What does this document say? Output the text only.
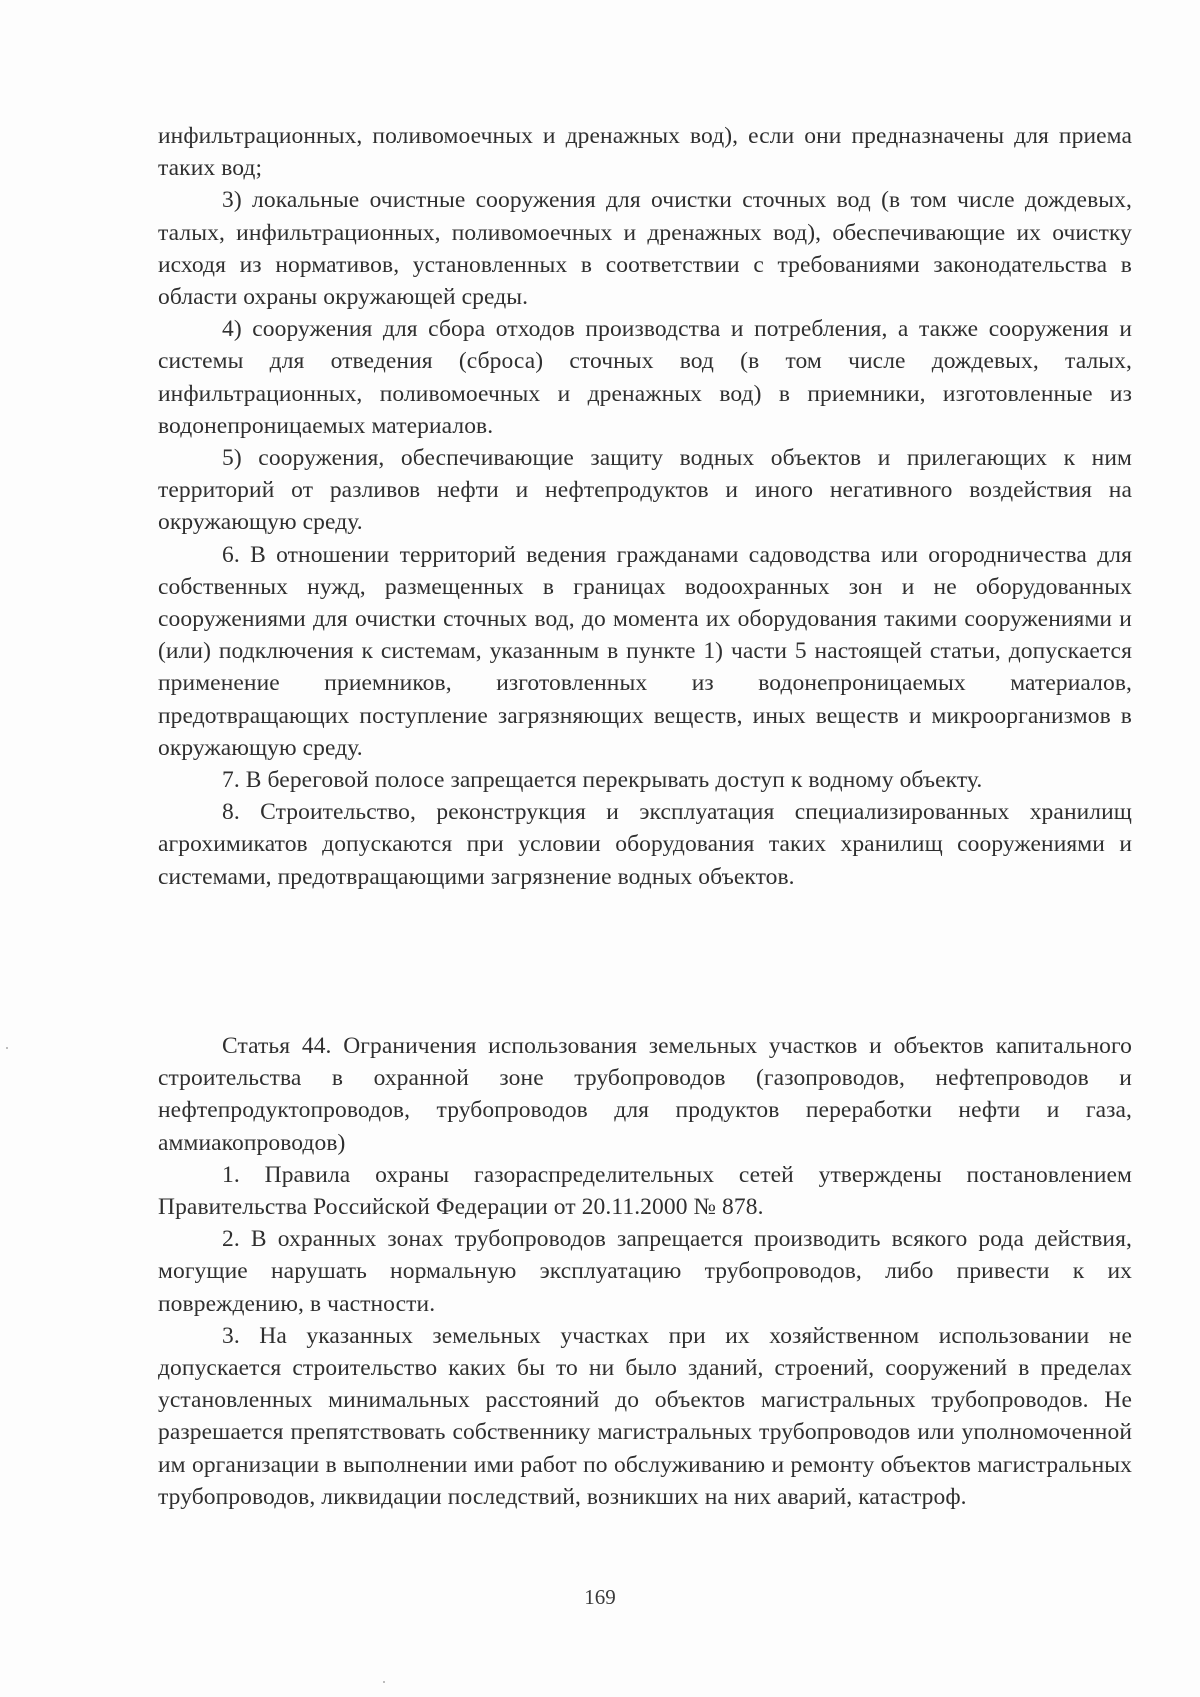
инфильтрационных, поливомоечных и дренажных вод), если они предназначены для приема таких вод;

3) локальные очистные сооружения для очистки сточных вод (в том числе дождевых, талых, инфильтрационных, поливомоечных и дренажных вод), обеспечивающие их очистку исходя из нормативов, установленных в соответствии с требованиями законодательства в области охраны окружающей среды.

4) сооружения для сбора отходов производства и потребления, а также сооружения и системы для отведения (сброса) сточных вод (в том числе дождевых, талых, инфильтрационных, поливомоечных и дренажных вод) в приемники, изготовленные из водонепроницаемых материалов.

5) сооружения, обеспечивающие защиту водных объектов и прилегающих к ним территорий от разливов нефти и нефтепродуктов и иного негативного воздействия на окружающую среду.

6. В отношении территорий ведения гражданами садоводства или огородничества для собственных нужд, размещенных в границах водоохранных зон и не оборудованных сооружениями для очистки сточных вод, до момента их оборудования такими сооружениями и (или) подключения к системам, указанным в пункте 1) части 5 настоящей статьи, допускается применение приемников, изготовленных из водонепроницаемых материалов, предотвращающих поступление загрязняющих веществ, иных веществ и микроорганизмов в окружающую среду.

7. В береговой полосе запрещается перекрывать доступ к водному объекту.

8. Строительство, реконструкция и эксплуатация специализированных хранилищ агрохимикатов допускаются при условии оборудования таких хранилищ сооружениями и системами, предотвращающими загрязнение водных объектов.

Статья 44. Ограничения использования земельных участков и объектов капитального строительства в охранной зоне трубопроводов (газопроводов, нефтепроводов и нефтепродуктопроводов, трубопроводов для продуктов переработки нефти и газа, аммиакопроводов)

1. Правила охраны газораспределительных сетей утверждены постановлением Правительства Российской Федерации от 20.11.2000 № 878.

2. В охранных зонах трубопроводов запрещается производить всякого рода действия, могущие нарушать нормальную эксплуатацию трубопроводов, либо привести к их повреждению, в частности.

3. На указанных земельных участках при их хозяйственном использовании не допускается строительство каких бы то ни было зданий, строений, сооружений в пределах установленных минимальных расстояний до объектов магистральных трубопроводов. Не разрешается препятствовать собственнику магистральных трубопроводов или уполномоченной им организации в выполнении ими работ по обслуживанию и ремонту объектов магистральных трубопроводов, ликвидации последствий, возникших на них аварий, катастроф.

169
